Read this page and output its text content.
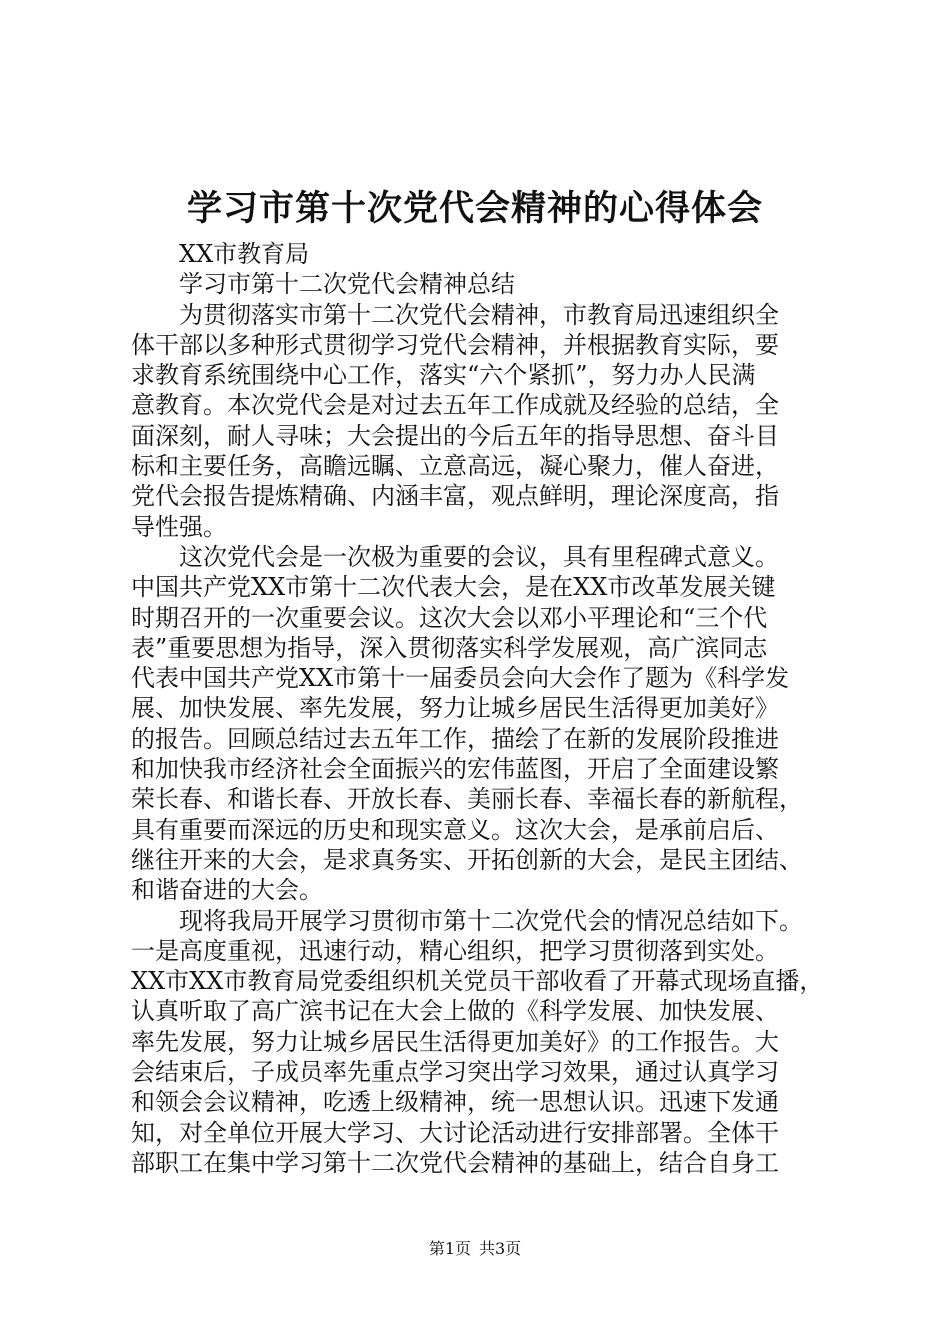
学习市第十次党代会精神的心得体会
XX市教育局
学习市第十二次党代会精神总结
为贯彻落实市第十二次党代会精神，市教育局迅速组织全
体干部以多种形式贯彻学习党代会精神，并根据教育实际，要
求教育系统围绕中心工作，落实“六个紧抓”，努力办人民满
意教育。本次党代会是对过去五年工作成就及经验的总结，全
面深刻，耐人寻味；大会提出的今后五年的指导思想、奋斗目
标和主要任务，高瞻远瞩、立意高远，凝心聚力，催人奋进，
党代会报告提炼精确、内涵丰富，观点鲜明，理论深度高，指
导性强。
这次党代会是一次极为重要的会议，具有里程碑式意义。
中国共产党XX市第十二次代表大会，是在XX市改革发展关键
时期召开的一次重要会议。这次大会以邓小平理论和“三个代
表”重要思想为指导，深入贯彻落实科学发展观，高广滨同志
代表中国共产党XX市第十一届委员会向大会作了题为《科学发
展、加快发展、率先发展，努力让城乡居民生活得更加美好》
的报告。回顾总结过去五年工作，描绘了在新的发展阶段推进
和加快我市经济社会全面振兴的宏伟蓝图，开启了全面建设繁
荣长春、和谐长春、开放长春、美丽长春、幸福长春的新航程，
具有重要而深远的历史和现实意义。这次大会，是承前启后、
继往开来的大会，是求真务实、开拓创新的大会，是民主团结、
和谐奋进的大会。
现将我局开展学习贯彻市第十二次党代会的情况总结如下。
一是高度重视，迅速行动，精心组织，把学习贯彻落到实处。
XX市XX市教育局党委组织机关党员干部收看了开幕式现场直播，
认真听取了高广滨书记在大会上做的《科学发展、加快发展、
率先发展，努力让城乡居民生活得更加美好》的工作报告。大
会结束后，子成员率先重点学习突出学习效果，通过认真学习
和领会会议精神，吃透上级精神，统一思想认识。迅速下发通
知，对全单位开展大学习、大讨论活动进行安排部署。全体干
部职工在集中学习第十二次党代会精神的基础上，结合自身工
第1页 共3页
